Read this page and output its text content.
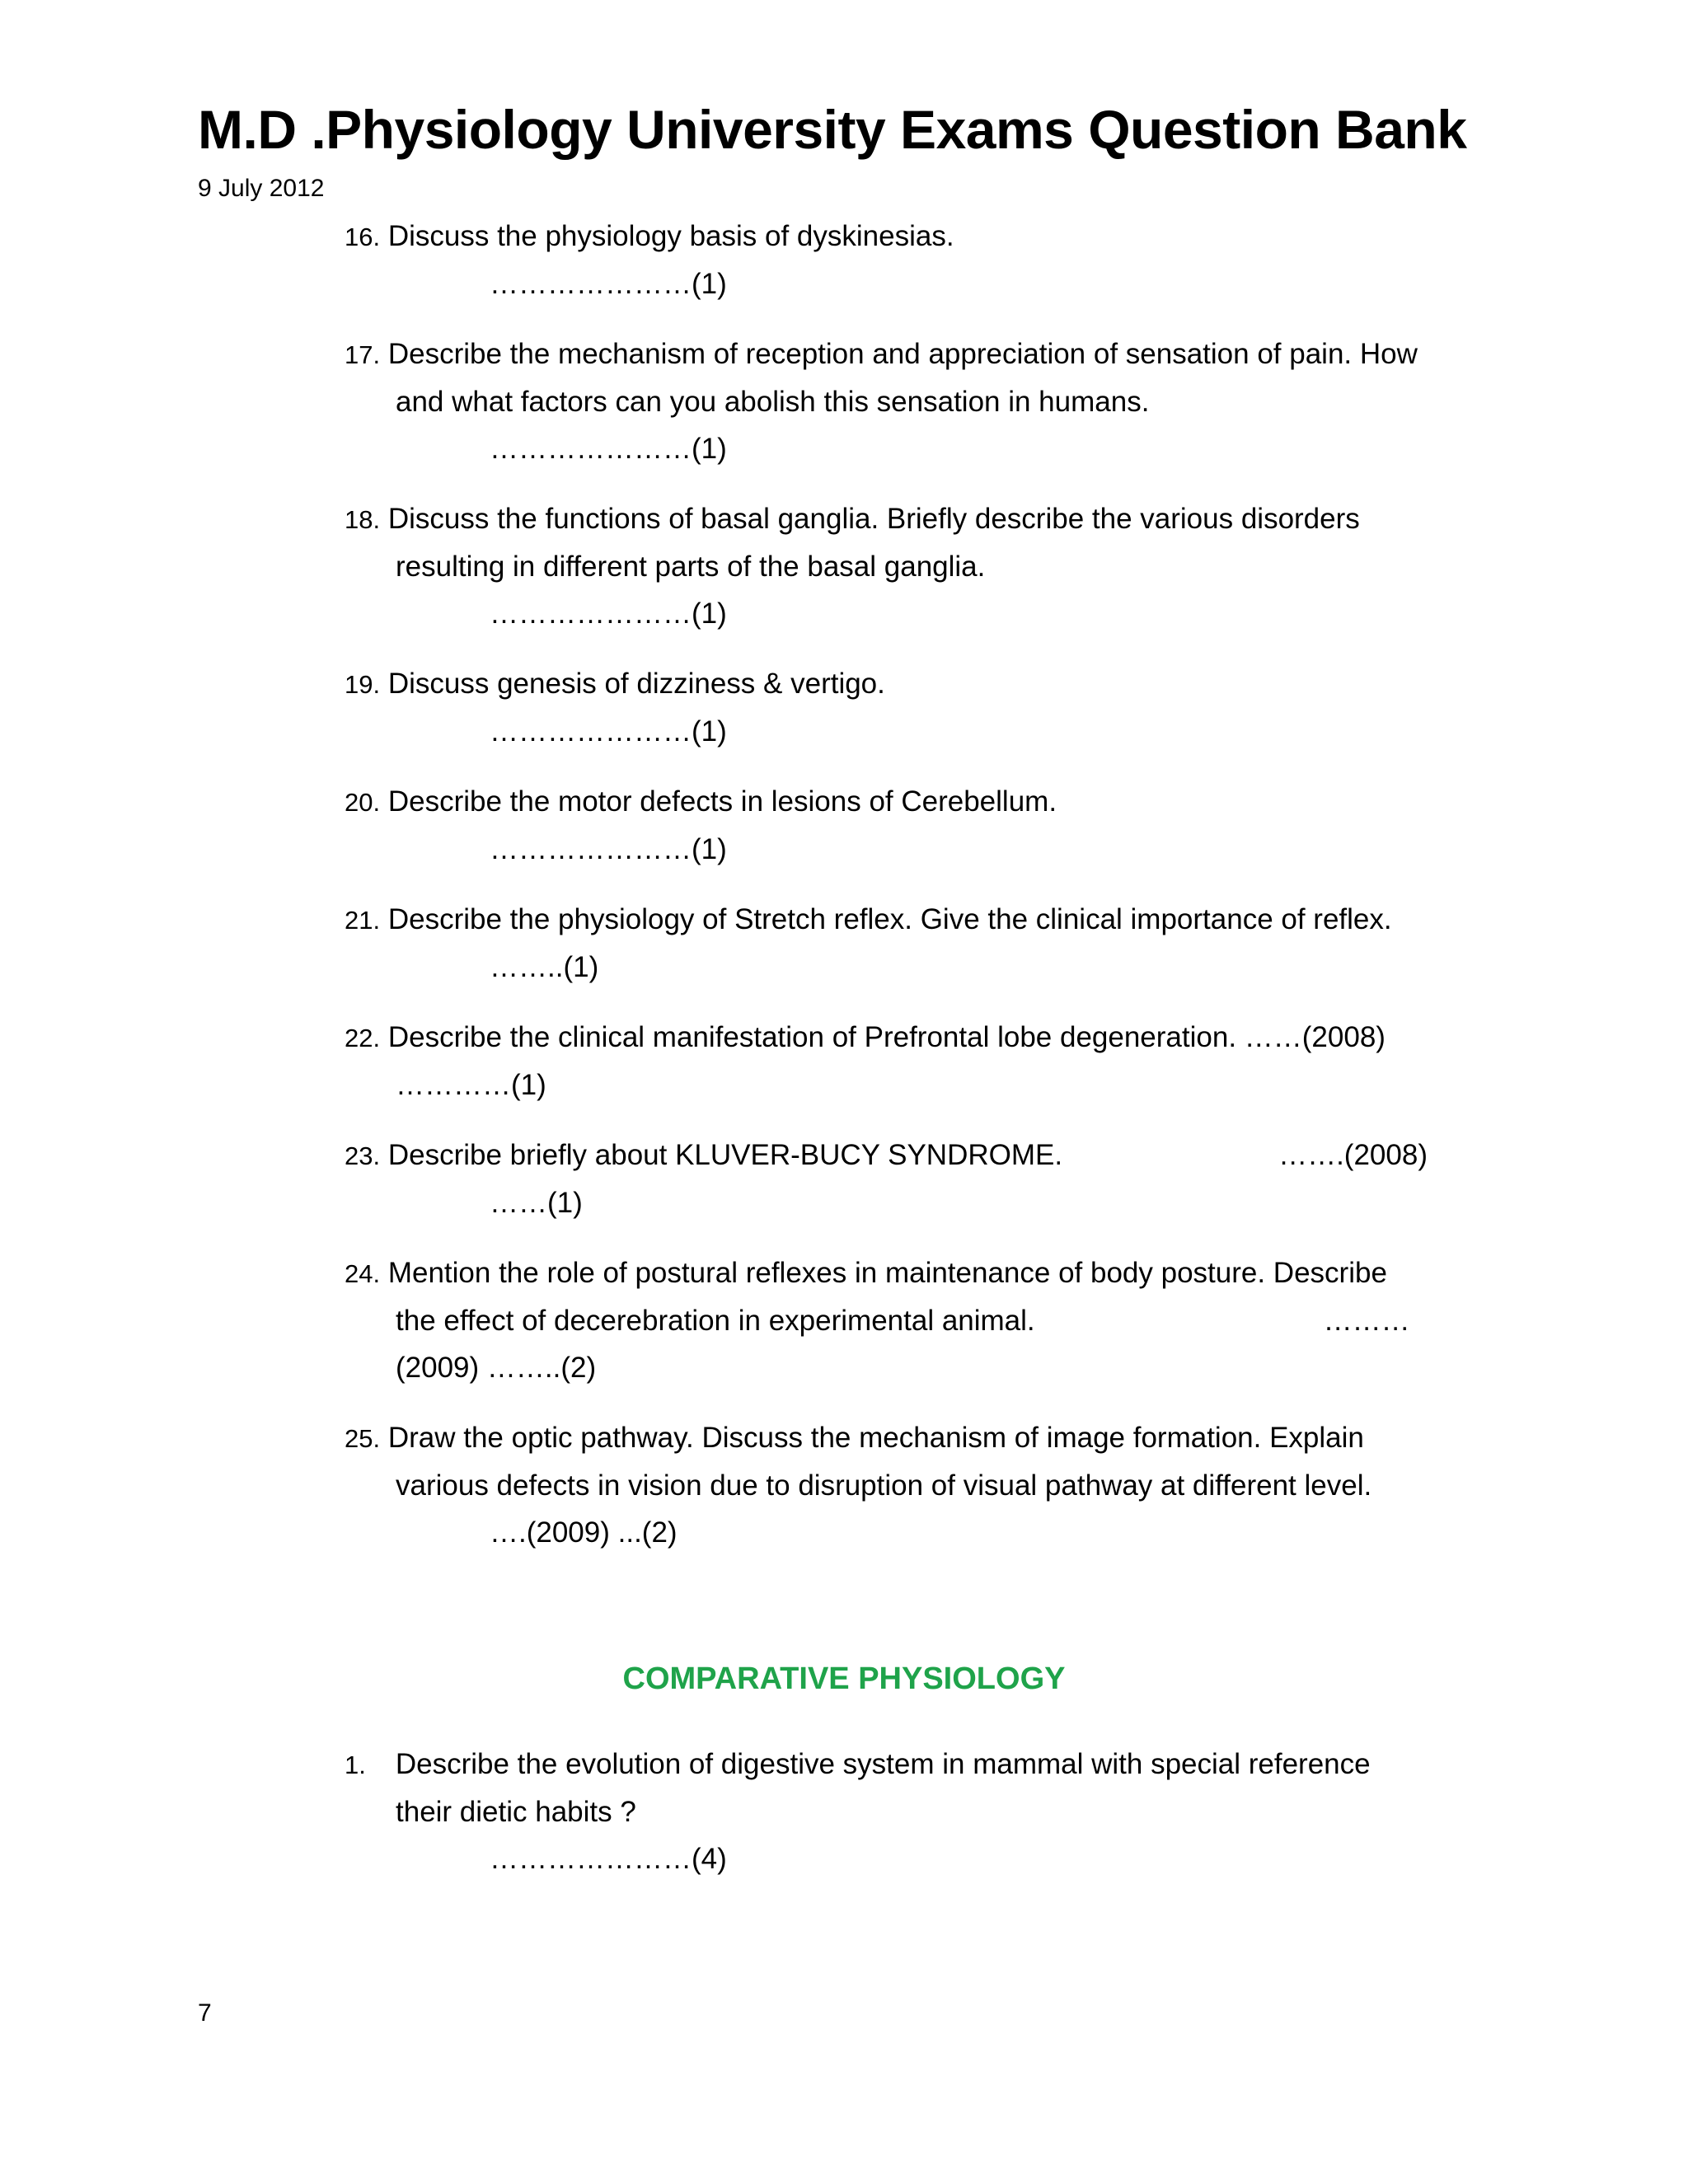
M.D .Physiology University Exams Question Bank
9 July 2012
16. Discuss the physiology basis of dyskinesias.
…………………(1)
17. Describe the mechanism of reception and appreciation of sensation of pain. How
and what factors can you abolish this sensation in humans.
…………………(1)
18. Discuss the functions of basal ganglia. Briefly describe the various disorders
resulting in different parts of the basal ganglia.
…………………(1)
19. Discuss genesis of dizziness & vertigo.
…………………(1)
20. Describe the motor defects in lesions of Cerebellum.
…………………(1)
21. Describe the physiology of Stretch reflex. Give the clinical importance of reflex.
……..(1)
22. Describe the clinical manifestation of Prefrontal lobe degeneration. ……(2008)
…………(1)
23. Describe briefly about KLUVER-BUCY SYNDROME.	…….(2008)
……(1)
24. Mention the role of postural reflexes in maintenance of body posture. Describe
the effect of decerebration in experimental animal.	………
(2009) ……..(2)
25. Draw the optic pathway. Discuss the mechanism of image formation. Explain
various defects in vision due to disruption of visual pathway at different level.
….(2009) ...(2)
COMPARATIVE PHYSIOLOGY
1. Describe the evolution of digestive system in mammal with special reference
their dietic habits ?
…………………(4)
7
